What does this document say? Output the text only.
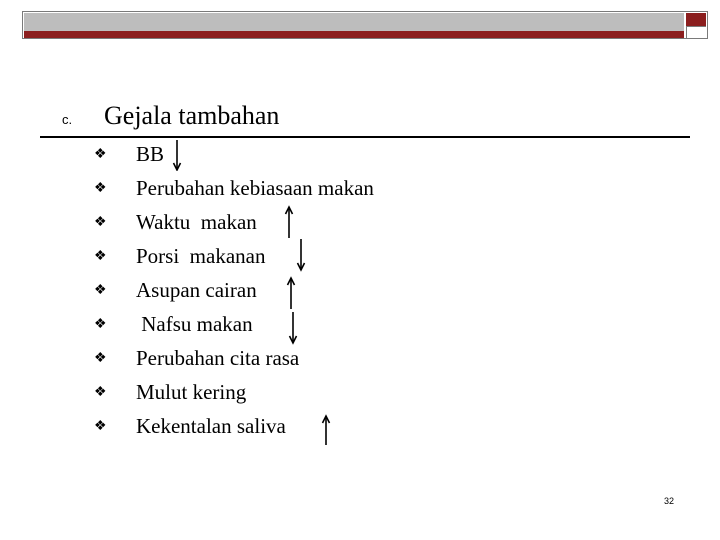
c. Gejala tambahan
❖ BB
❖ Perubahan kebiasaan makan
❖ Waktu  makan
❖ Porsi  makanan
❖ Asupan cairan
❖ Nafsu makan
❖ Perubahan cita rasa
❖ Mulut kering
❖ Kekentalan saliva
32
